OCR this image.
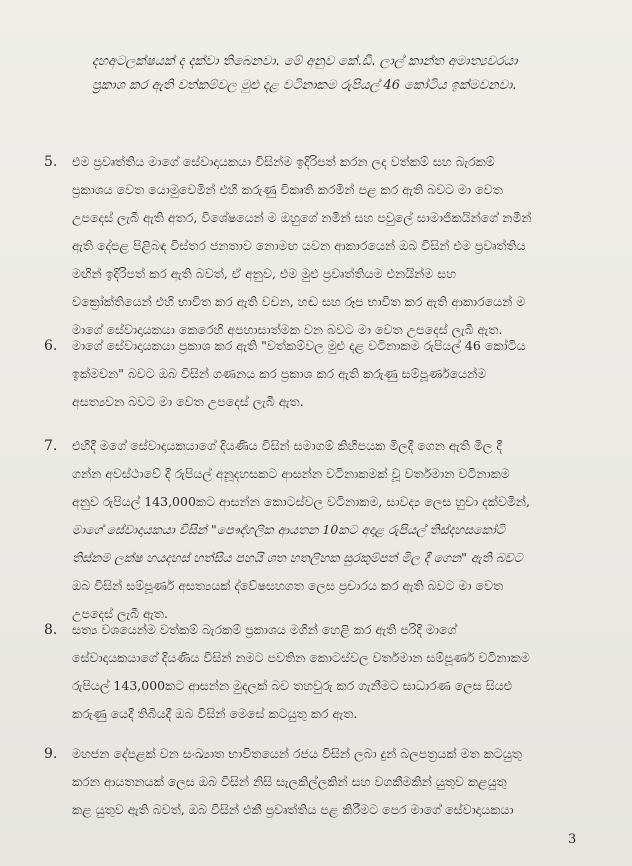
දහඅටලක්ෂයක් ද දක්වා තිබෙනවා. මේ අනුව කේ.ඩී. ලාල් කාන්ත අමාත්‍යවරයා

ප්‍රකාශ කර ඇති වත්කම්වල මුළු දළ වටිනාකම රුපියල් 46 කෝටිය ඉක්මවනවා.

5. එම ප්‍රවෘත්තිය මාගේ සේවාදායකයා විසින්ම ඉදිරිපත් කරන ලද වත්කම් සහ බැරකම්

ප්‍රකාශය වෙත යොමුවෙමින් එහි කරුණු විකෘති කරමින් පළ කර ඇති බවට මා වෙත

උපදෙස් ලැබී ඇති අතර, විශේෂයෙන් ම ඔහුගේ නමින් සහ පවුලේ සාමාජිකයින්ගේ නමින්

ඇති දේපළ පිළිබඳ විස්තර ජනතාව නොමඟ යවන ආකාරයෙන් ඔබ විසින් එම ප්‍රවෘත්තිය

මඟින් ඉදිරිපත් කර ඇති බවත්, ඒ අනුව, එම මුළු ප්‍රවෘත්තියම එනයින්ම සහ

වක්‍රෝක්තියෙන් එහි භාවිත කර ඇති වචන, හඬ සහ රූප භාවිත කර ඇති ආකාරයෙන් ම

මාගේ සේවාදායකයා කෙරෙහි අපහාසාත්මක වන බවට මා වෙත උපදෙස් ලැබී ඇත.

6. මාගේ සේවාදායකයා ප්‍රකාශ කර ඇති "වත්කම්වල මුළු දළ වටිනාකම රුපියල් 46 කෝටිය

ඉක්මවන" බවට ඔබ විසින් ගණනය කර ප්‍රකාශ කර ඇති කරුණු සම්පූර්ණයෙන්ම

අසත්‍යවන බවට මා වෙත උපදෙස් ලැබී ඇත.

7. එහිදී මගේ සේවාදායකයාගේ දියණිය විසින් සමාගම් කිහිපයක මිලදී ගෙන ඇති මිල දී

ගන්න අවස්ථාවේ දී රුපියල් අනූදහසකට ආසන්න වටිනාකමක් වූ වර්තමාන වටිනාකම

අනුව රුපියල් 143,000කට ආසන්න කොටස්වල වටිනාකම, සාවද්‍ය ලෙස හුවා දක්වමින්,

මාගේ සේවාදායකයා විසින් "පෞද්ගලික ආයතන 10කට අදාළ රුපියල් තිස්දහසකෝටි

තිස්නම ලක්ෂ හයදහස් හත්සිය පහයි ශත හතලිහක සුරකුම්පත් මිල දී ගෙන" ඇති බවට

ඔබ විසින් සම්පූර්ණ අසත්‍යයක් ද්වේෂසහගත ලෙස ප්‍රචාරය කර ඇති බවට මා වෙත

උපදෙස් ලැබී ඇත.

8. සත්‍ය වශයෙන්ම වත්කම් බැරකම් ප්‍රකාශය මගින් හෙළි කර ඇති පරිදි මාගේ

සේවාදායකයාගේ දියණිය විසින් නමට පවතින කොටස්වල වර්තමාන සම්පූර්ණ වටිනාකම

රුපියල් 143,000කට ආසන්න මුදලක් බව තහවුරු කර ගැනීමට සාධාරණ ලෙස සියළු

කරුණු යෙදී තිබියදී ඔබ විසින් මෙසේ කටයුතු කර ඇත.

9. මහජන දේපළක් වන සංඛ්‍යාත භාවිතයෙන් රජය විසින් ලබා දුන් බලපත්‍රයක් මත කටයුතු

කරන ආයතනයක් ලෙස ඔබ විසින් නිසි සැලකිල්ලකින් සහ වගකීමකින් යුතුව කළයුතු

කළ යුතුව ඇති බවත්, ඔබ විසින් එකී ප්‍රවෘත්තිය පළ කිරීමට පෙර මාගේ සේවාදායකයා

3
